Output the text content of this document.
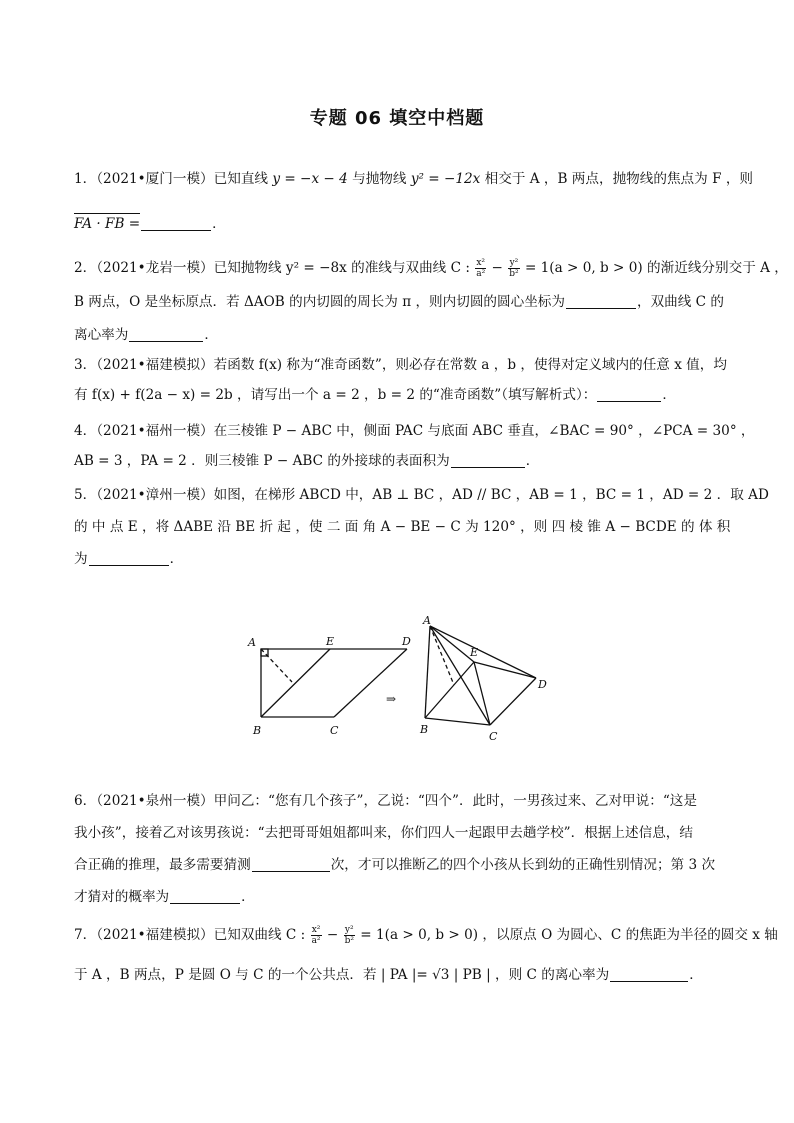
专题 06 填空中档题
1．（2021•厦门一模）已知直线 y = −x − 4 与抛物线 y² = −12x 相交于 A ，B 两点，抛物线的焦点为 F ，则
FA · FB =	．
2．（2021•龙岩一模）已知抛物线 y² = −8x 的准线与双曲线 C : $\frac{\text{x²}}{\text{a²}} - \frac{\text{y²}}{\text{b²}} = 1(a > 0$, b > 0) 的渐近线分别交于 A ，
B 两点，O 是坐标原点．若 ΔAOB 的内切圆的周长为 π ，则内切圆的圆心坐标为	，双曲线 C 的
离心率为	．
3．（2021•福建模拟）若函数 f(x) 称为“准奇函数”，则必存在常数 a ，b ，使得对定义域内的任意 x 值，均
有 f(x) + f(2a − x) = 2b ，请写出一个 a = 2 ，b = 2 的“准奇函数”（填写解析式）：	．
4．（2021•福州一模）在三棱锥 P − ABC 中，侧面 PAC 与底面 ABC 垂直，∠BAC = 90° ，∠PCA = 30° ，
AB = 3 ，PA = 2 ．则三棱锥 P − ABC 的外接球的表面积为	．
5．（2021•漳州一模）如图，在梯形 ABCD 中，AB ⊥ BC ，AD // BC ，AB = 1 ，BC = 1 ，AD = 2 ．取 AD
的 中 点 E ，将 ΔABE 沿 BE 折 起 ，使 二 面 角 A − BE − C 为 120° ，则 四 棱 锥 A − BCDE 的 体 积
为	．
A	E	D
B	C
⇒
A
E
D
B
C
6．（2021•泉州一模）甲问乙：“您有几个孩子”，乙说：“四个”．此时，一男孩过来、乙对甲说：“这是
我小孩”，接着乙对该男孩说：“去把哥哥姐姐都叫来，你们四人一起跟甲去趟学校”．根据上述信息，结
合正确的推理，最多需要猜测	次，才可以推断乙的四个小孩从长到幼的正确性别情况；第 3 次
才猜对的概率为	．
7．（2021•福建模拟）已知双曲线 C : $\frac{\text{x²}}{\text{a²}} - \frac{\text{y²}}{\text{b²}} = 1(a > 0$, b > 0) ，以原点 O 为圆心、C 的焦距为半径的圆交 x 轴
于 A ，B 两点，P 是圆 O 与 C 的一个公共点．若 | PA |= √3 | PB | ，则 C 的离心率为	．
